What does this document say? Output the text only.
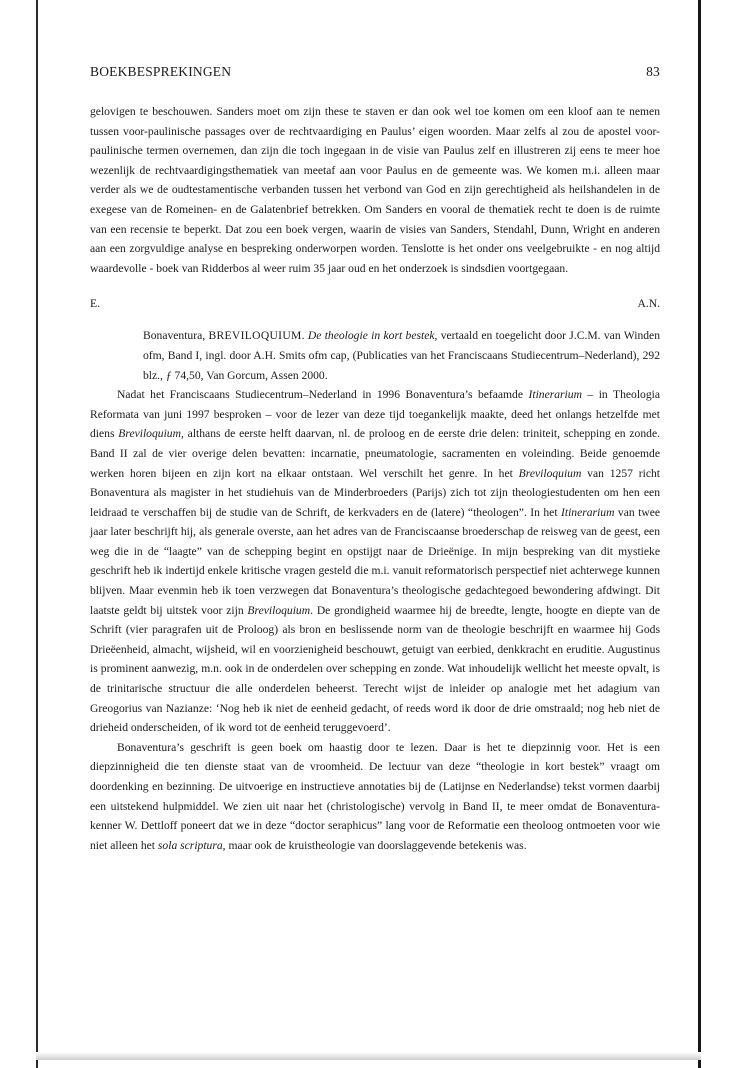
BOEKBESPREKINGEN	83

gelovigen te beschouwen. Sanders moet om zijn these te staven er dan ook wel toe komen om een kloof aan te nemen tussen voor-paulinische passages over de rechtvaardiging en Paulus’ eigen woorden. Maar zelfs al zou de apostel voor-paulinische termen overnemen, dan zijn die toch ingegaan in de visie van Paulus zelf en illustreren zij eens te meer hoe wezenlijk de rechtvaardigingsthematiek van meetaf aan voor Paulus en de gemeente was. We komen m.i. alleen maar verder als we de oudtestamentische verbanden tussen het verbond van God en zijn gerechtigheid als heilshandelen in de exegese van de Romeinen- en de Galatenbrief betrekken. Om Sanders en vooral de thematiek recht te doen is de ruimte van een recensie te beperkt. Dat zou een boek vergen, waarin de visies van Sanders, Stendahl, Dunn, Wright en anderen aan een zorgvuldige analyse en bespreking onderworpen worden. Tenslotte is het onder ons veelgebruikte - en nog altijd waardevolle - boek van Ridderbos al weer ruim 35 jaar oud en het onderzoek is sindsdien voortgegaan.

E.	A.N.

Bonaventura, BREVILOQUIUM. De theologie in kort bestek, vertaald en toegelicht door J.C.M. van Winden ofm, Band I, ingl. door A.H. Smits ofm cap, (Publicaties van het Franciscaans Studiecentrum–Nederland), 292 blz., ƒ 74,50, Van Gorcum, Assen 2000.

Nadat het Franciscaans Studiecentrum–Nederland in 1996 Bonaventura’s befaamde Itinerarium – in Theologia Reformata van juni 1997 besproken – voor de lezer van deze tijd toegankelijk maakte, deed het onlangs hetzelfde met diens Breviloquium, althans de eerste helft daarvan, nl. de proloog en de eerste drie delen: triniteit, schepping en zonde. Band II zal de vier overige delen bevatten: incarnatie, pneumatologie, sacramenten en voleinding. Beide genoemde werken horen bijeen en zijn kort na elkaar ontstaan. Wel verschilt het genre. In het Breviloquium van 1257 richt Bonaventura als magister in het studiehuis van de Minderbroeders (Parijs) zich tot zijn theologiestudenten om hen een leidraad te verschaffen bij de studie van de Schrift, de kerkvaders en de (latere) “theologen”. In het Itinerarium van twee jaar later beschrijft hij, als generale overste, aan het adres van de Franciscaanse broederschap de reisweg van de geest, een weg die in de “laagte” van de schepping begint en opstijgt naar de Drieënige. In mijn bespreking van dit mystieke geschrift heb ik indertijd enkele kritische vragen gesteld die m.i. vanuit reformatorisch perspectief niet achterwege kunnen blijven. Maar evenmin heb ik toen verzwegen dat Bonaventura’s theologische gedachtegoed bewondering afdwingt. Dit laatste geldt bij uitstek voor zijn Breviloquium. De grondigheid waarmee hij de breedte, lengte, hoogte en diepte van de Schrift (vier paragrafen uit de Proloog) als bron en beslissende norm van de theologie beschrijft en waarmee hij Gods Drieëenheid, almacht, wijsheid, wil en voorzienigheid beschouwt, getuigt van eerbied, denkkracht en eruditie. Augustinus is prominent aanwezig, m.n. ook in de onderdelen over schepping en zonde. Wat inhoudelijk wellicht het meeste opvalt, is de trinitarische structuur die alle onderdelen beheerst. Terecht wijst de inleider op analogie met het adagium van Greogorius van Nazianze: ‘Nog heb ik niet de eenheid gedacht, of reeds word ik door de drie omstraald; nog heb niet de drieheid onderscheiden, of ik word tot de eenheid teruggevoerd’.

Bonaventura’s geschrift is geen boek om haastig door te lezen. Daar is het te diepzinnig voor. Het is een diepzinnigheid die ten dienste staat van de vroomheid. De lectuur van deze “theologie in kort bestek” vraagt om doordenking en bezinning. De uitvoerige en instructieve annotaties bij de (Latijnse en Nederlandse) tekst vormen daarbij een uitstekend hulpmiddel. We zien uit naar het (christologische) vervolg in Band II, te meer omdat de Bonaventura-kenner W. Dettloff poneert dat we in deze “doctor seraphicus” lang voor de Reformatie een theoloog ontmoeten voor wie niet alleen het sola scriptura, maar ook de kruistheologie van doorslaggevende betekenis was.
